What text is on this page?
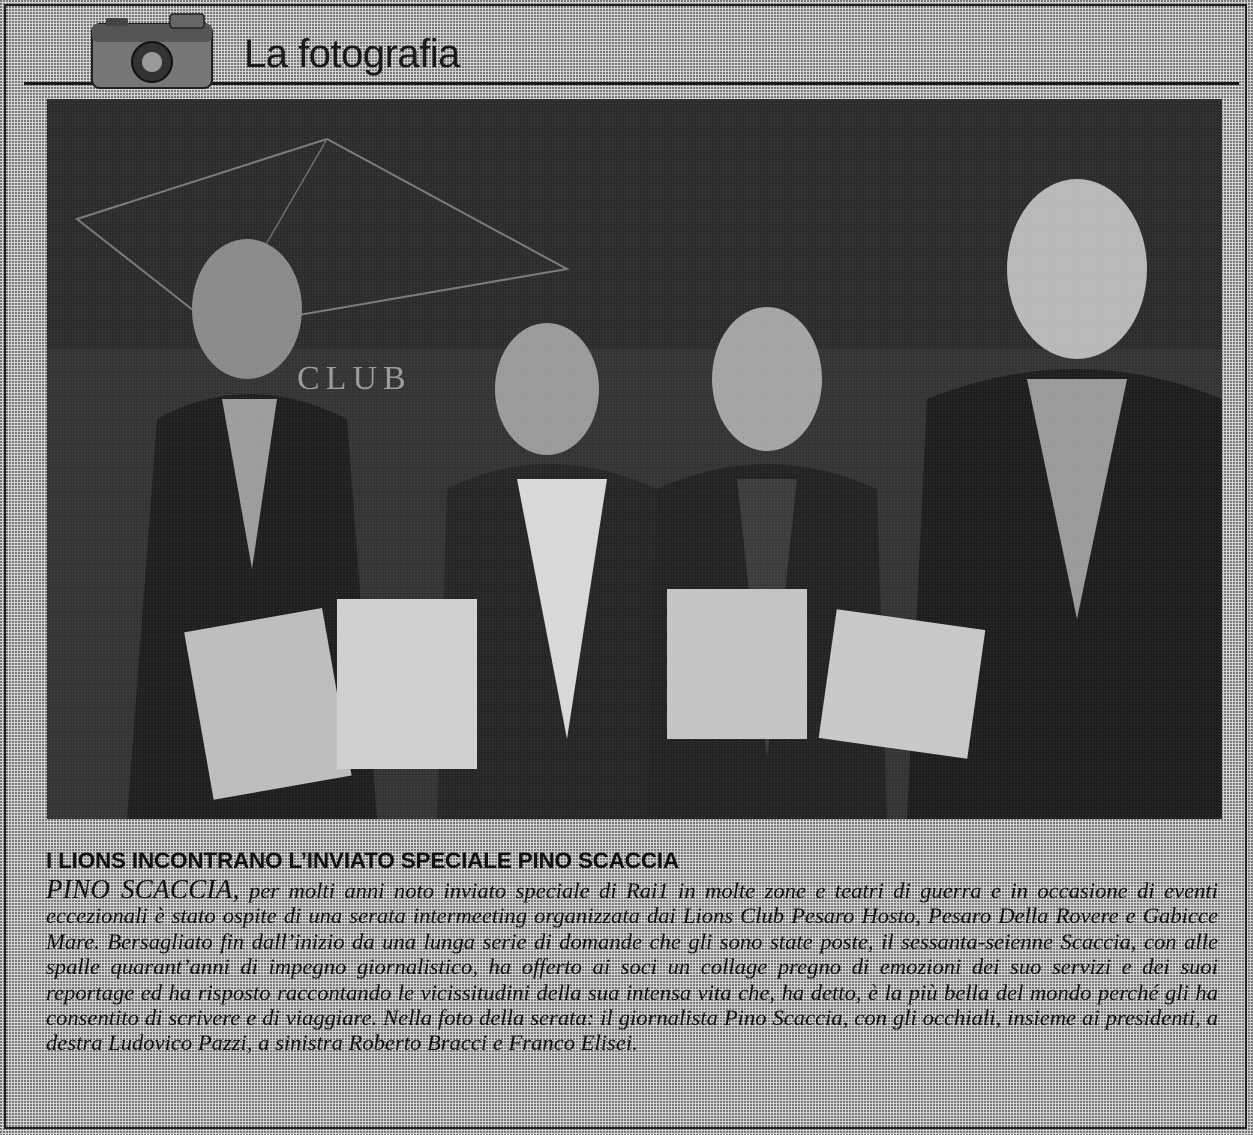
La fotografia
I LIONS INCONTRANO L’INVIATO SPECIALE PINO SCACCIA
PINO SCACCIA, per molti anni noto inviato speciale di Rai1 in molte zone e teatri di guerra e in occasione di eventi eccezionali è stato ospite di una serata intermeeting organizzata dai Lions Club Pesaro Hosto, Pesaro Della Rovere e Gabicce Mare. Bersagliato fin dall’inizio da una lunga serie di domande che gli sono state poste, il sessanta-seienne Scaccia, con alle spalle quarant’anni di impegno giornalistico, ha offerto ai soci un collage pregno di emozioni dei suo servizi e dei suoi reportage ed ha risposto raccontando le vicissitudini della sua intensa vita che, ha detto, è la più bella del mondo perché gli ha consentito di scrivere e di viaggiare. Nella foto della serata: il giornalista Pino Scaccia, con gli occhiali, insieme ai presidenti, a destra Ludovico Pazzi, a sinistra Roberto Bracci e Franco Elisei.
